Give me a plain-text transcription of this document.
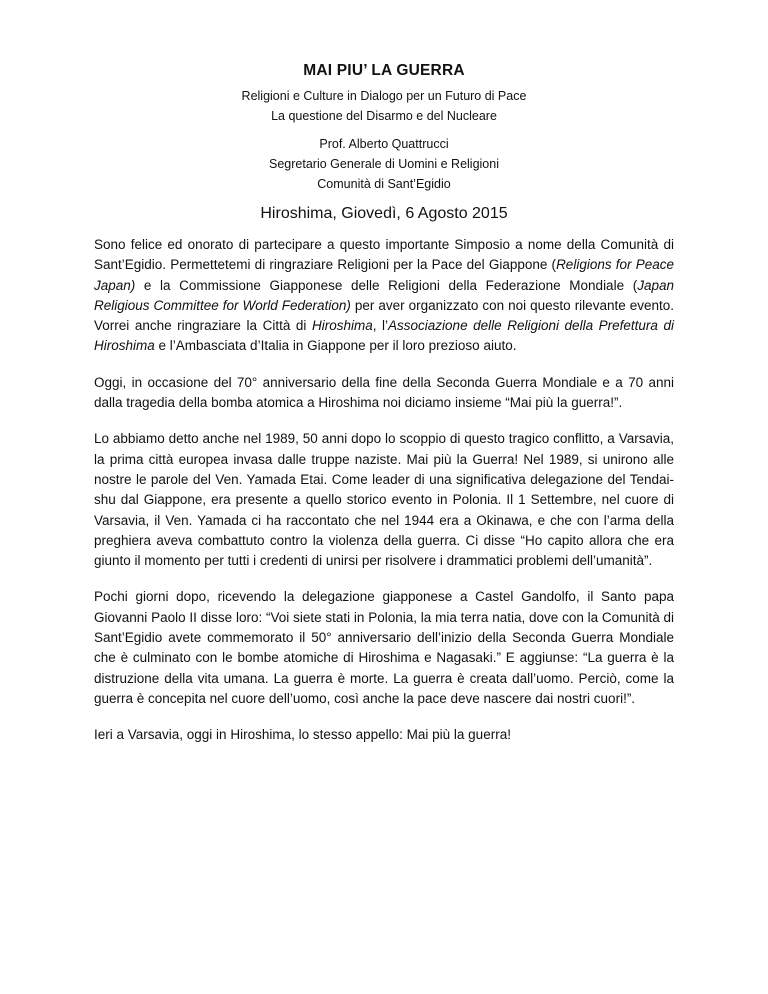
MAI PIU’ LA GUERRA

Religioni e Culture in Dialogo per un Futuro di Pace

La questione del Disarmo e del Nucleare

Prof. Alberto Quattrucci

Segretario Generale di Uomini e Religioni

Comunità di Sant’Egidio

Hiroshima, Giovedì, 6 Agosto 2015

Sono felice ed onorato di partecipare a questo importante Simposio a nome della Comunità di Sant’Egidio. Permettetemi di ringraziare Religioni per la Pace del Giappone (Religions for Peace Japan) e la Commissione Giapponese delle Religioni della Federazione Mondiale (Japan Religious Committee for World Federation) per aver organizzato con noi questo rilevante evento. Vorrei anche ringraziare la Città di Hiroshima, l’Associazione delle Religioni della Prefettura di Hiroshima e l’Ambasciata d’Italia in Giappone per il loro prezioso aiuto.

Oggi, in occasione del 70° anniversario della fine della Seconda Guerra Mondiale e a 70 anni dalla tragedia della bomba atomica a Hiroshima noi diciamo insieme “Mai più la guerra!”.

Lo abbiamo detto anche nel 1989, 50 anni dopo lo scoppio di questo tragico conflitto, a Varsavia, la prima città europea invasa dalle truppe naziste. Mai più la Guerra! Nel 1989, si unirono alle nostre le parole del Ven. Yamada Etai. Come leader di una significativa delegazione del Tendai-shu dal Giappone, era presente a quello storico evento in Polonia. Il 1 Settembre, nel cuore di Varsavia, il Ven. Yamada ci ha raccontato che nel 1944 era a Okinawa, e che con l’arma della preghiera aveva combattuto contro la violenza della guerra. Ci disse “Ho capito allora che era giunto il momento per tutti i credenti di unirsi per risolvere i drammatici problemi dell’umanità”.

Pochi giorni dopo, ricevendo la delegazione giapponese a Castel Gandolfo, il Santo papa Giovanni Paolo II disse loro: “Voi siete stati in Polonia, la mia terra natia, dove con la Comunità di Sant’Egidio avete commemorato il 50° anniversario dell’inizio della Seconda Guerra Mondiale che è culminato con le bombe atomiche di Hiroshima e Nagasaki.” E aggiunse: “La guerra è la distruzione della vita umana. La guerra è morte. La guerra è creata dall’uomo. Perciò, come la guerra è concepita nel cuore dell’uomo, così anche la pace deve nascere dai nostri cuori!”.

Ieri a Varsavia, oggi in Hiroshima, lo stesso appello: Mai più la guerra!
